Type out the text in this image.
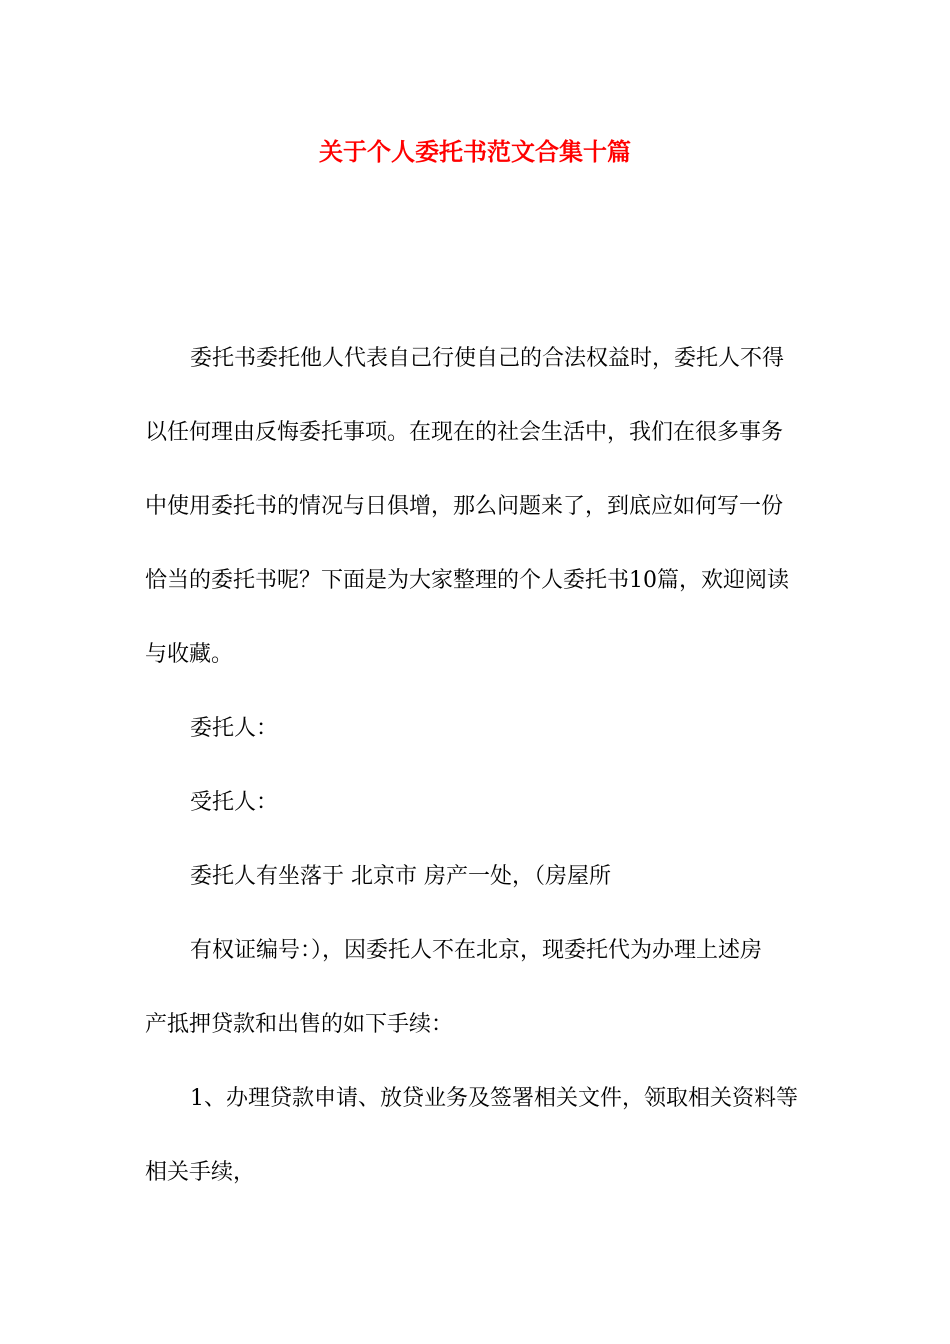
关于个人委托书范文合集十篇

委托书委托他人代表自己行使自己的合法权益时，委托人不得

以任何理由反悔委托事项。在现在的社会生活中，我们在很多事务

中使用委托书的情况与日俱增，那么问题来了，到底应如何写一份

恰当的委托书呢？下面是为大家整理的个人委托书10篇，欢迎阅读

与收藏。

委托人：

受托人：

委托人有坐落于 北京市 房产一处，（房屋所

有权证编号：），因委托人不在北京，现委托代为办理上述房

产抵押贷款和出售的如下手续：

1、办理贷款申请、放贷业务及签署相关文件，领取相关资料等

相关手续，
